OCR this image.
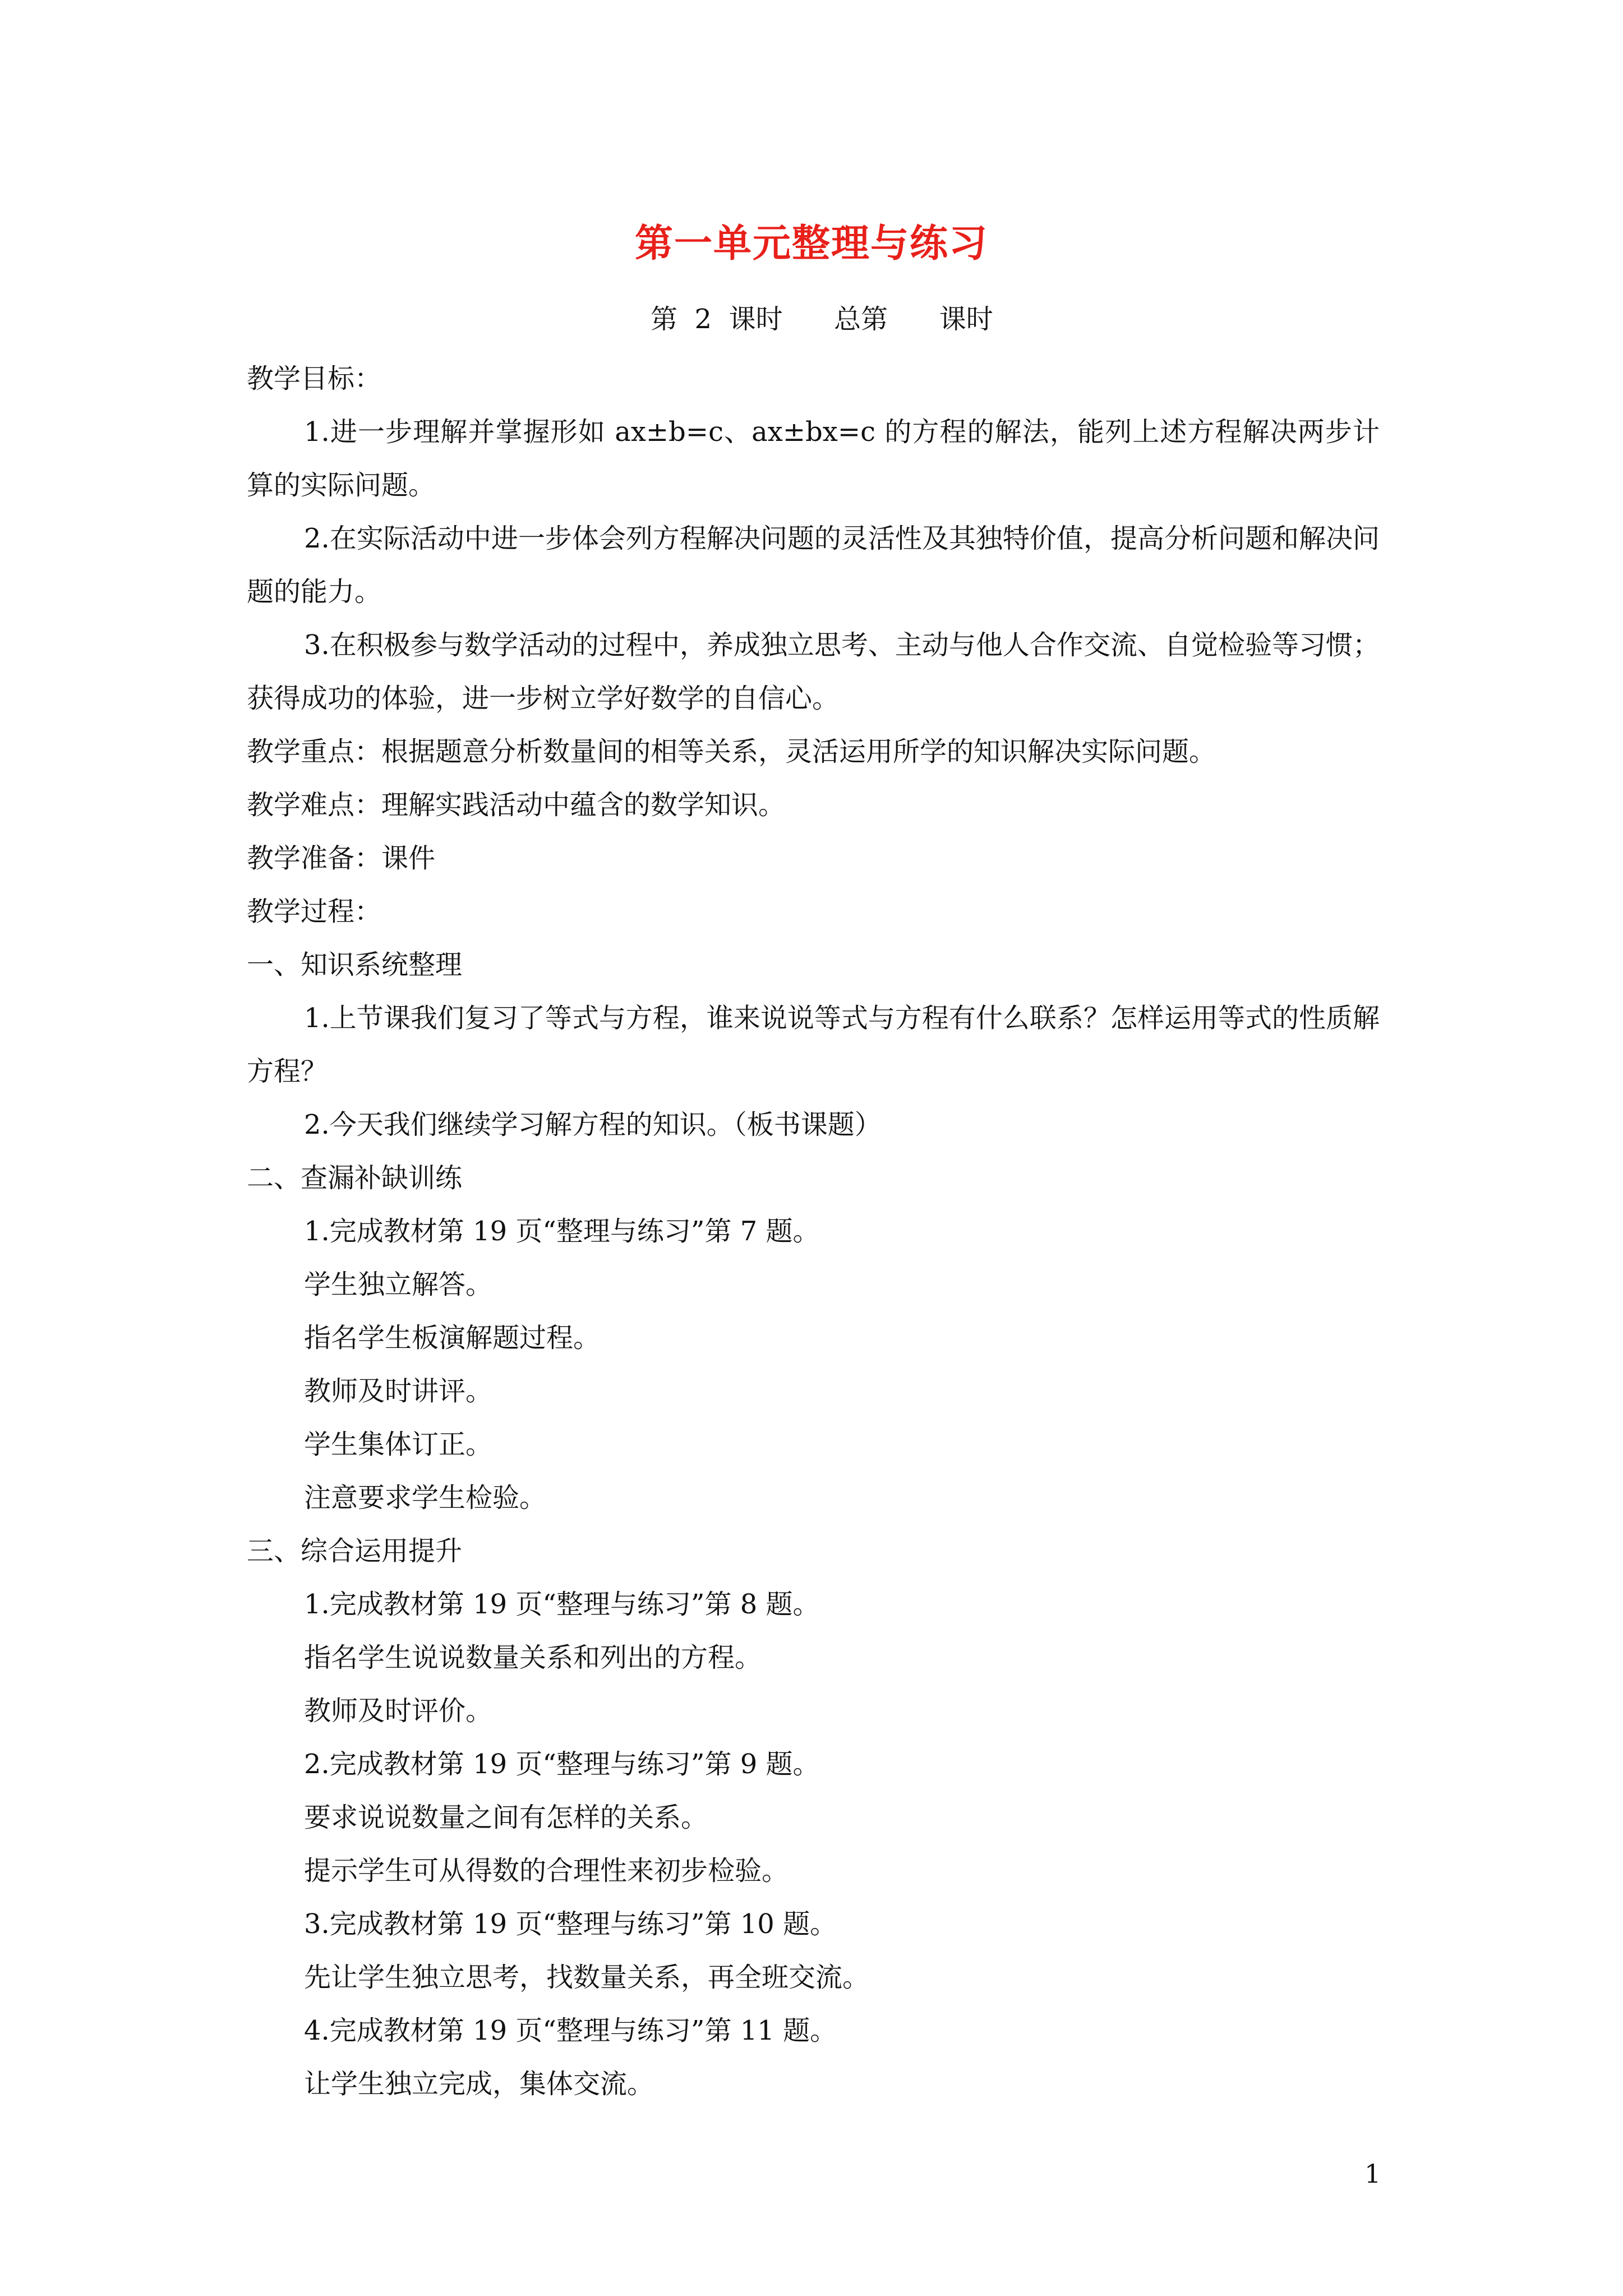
第一单元整理与练习
第 2 课时 总第 课时
教学目标：
1.进一步理解并掌握形如 ax±b=c、ax±bx=c 的方程的解法，能列上述方程解决两步计算的实际问题。
2.在实际活动中进一步体会列方程解决问题的灵活性及其独特价值，提高分析问题和解决问题的能力。
3.在积极参与数学活动的过程中，养成独立思考、主动与他人合作交流、自觉检验等习惯；获得成功的体验，进一步树立学好数学的自信心。
教学重点：根据题意分析数量间的相等关系，灵活运用所学的知识解决实际问题。
教学难点：理解实践活动中蕴含的数学知识。
教学准备：课件
教学过程：
一、知识系统整理
1.上节课我们复习了等式与方程，谁来说说等式与方程有什么联系？怎样运用等式的性质解方程？
2.今天我们继续学习解方程的知识。（板书课题）
二、查漏补缺训练
1.完成教材第 19 页“整理与练习”第 7 题。
学生独立解答。
指名学生板演解题过程。
教师及时讲评。
学生集体订正。
注意要求学生检验。
三、综合运用提升
1.完成教材第 19 页“整理与练习”第 8 题。
指名学生说说数量关系和列出的方程。
教师及时评价。
2.完成教材第 19 页“整理与练习”第 9 题。
要求说说数量之间有怎样的关系。
提示学生可从得数的合理性来初步检验。
3.完成教材第 19 页“整理与练习”第 10 题。
先让学生独立思考，找数量关系，再全班交流。
4.完成教材第 19 页“整理与练习”第 11 题。
让学生独立完成，集体交流。
1
